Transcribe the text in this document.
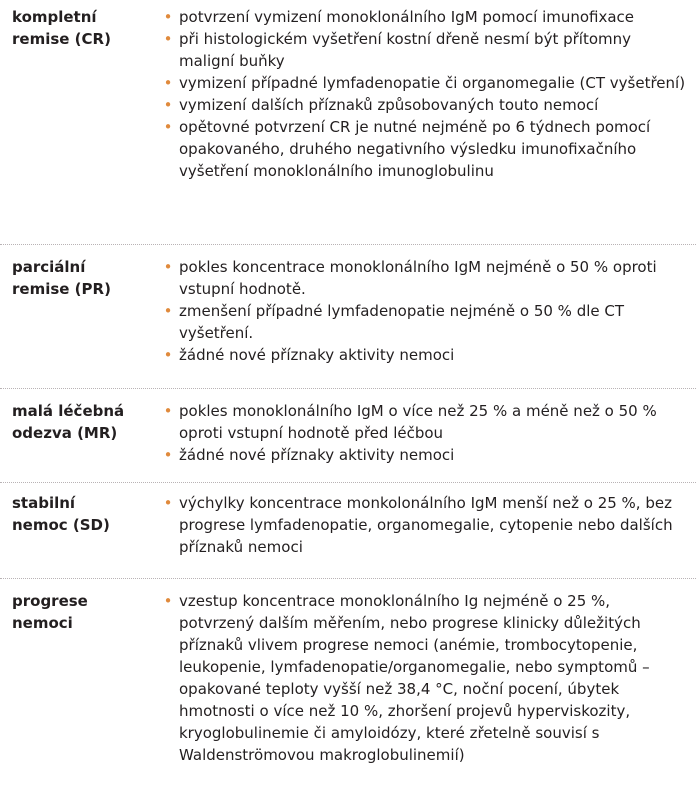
kompletní
remise (CR)
• potvrzení vymizení monoklonálního IgM pomocí imunofixace
• při histologickém vyšetření kostní dřeně nesmí být přítomny maligní buňky
• vymizení případné lymfadenopatie či organomegalie (CT vyšetření)
• vymizení dalších příznaků způsobovaných touto nemocí
• opětovné potvrzení CR je nutné nejméně po 6 týdnech pomocí opakovaného, druhého negativního výsledku imunofixačního vyšetření monoklonálního imunoglobulinu
parciální
remise (PR)
• pokles koncentrace monoklonálního IgM nejméně o 50 % oproti vstupní hodnotě.
• zmenšení případné lymfadenopatie nejméně o 50 % dle CT vyšetření.
• žádné nové příznaky aktivity nemoci
malá léčebná
odezva (MR)
• pokles monoklonálního IgM o více než 25 % a méně než o 50 % oproti vstupní hodnotě před léčbou
• žádné nové příznaky aktivity nemoci
stabilní
nemoc (SD)
• výchylky koncentrace monkolonálního IgM menší než o 25 %, bez progrese lymfadenopatie, organomegalie, cytopenie nebo dalších příznaků nemoci
progrese
nemoci
• vzestup koncentrace monoklonálního Ig nejméně o 25 %, potvrzený dalším měřením, nebo progrese klinicky důležitých příznaků vlivem progrese nemoci (anémie, trombocytopenie, leukopenie, lymfadenopatie/organomegalie, nebo symptomů – opakované teploty vyšší než 38,4 °C, noční pocení, úbytek hmotnosti o více než 10 %, zhoršení projevů hyperviskozity, kryoglobulinemie či amyloidózy, které zřetelně souvisí s Waldenströmovou makroglobulinemií)
